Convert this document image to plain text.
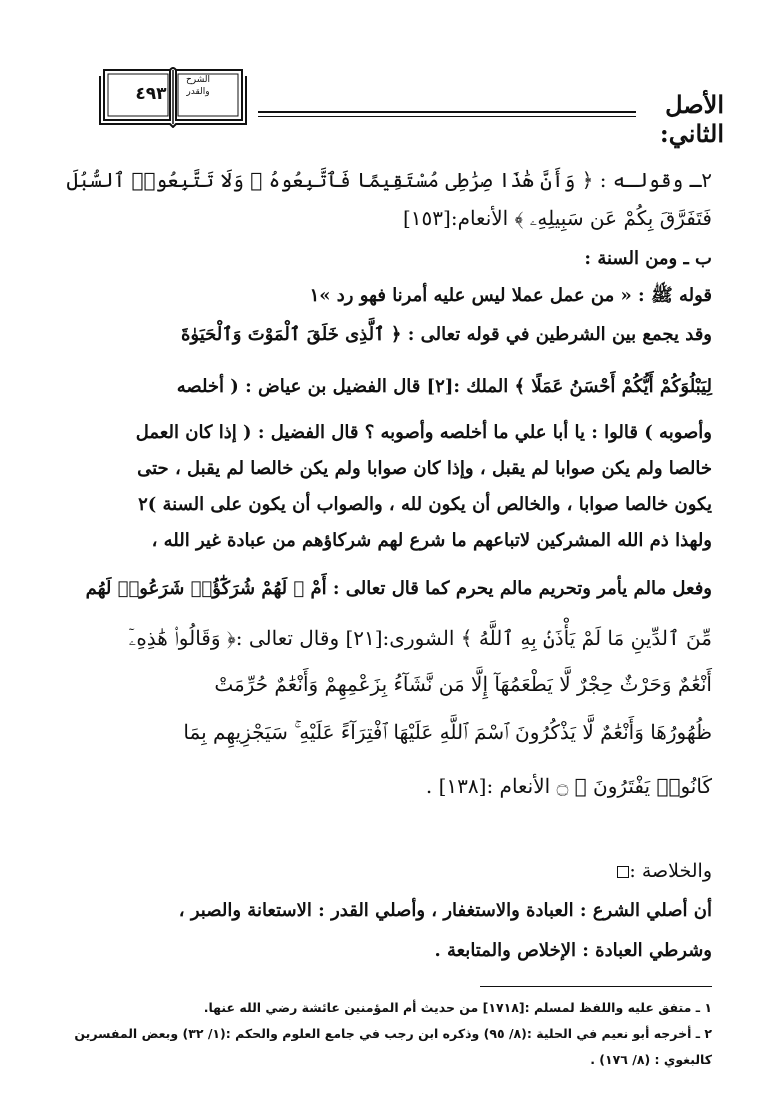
٤٩٣
الشرح
والقدر	الأصل الثاني:
٢ـ وقولـه : ﴿ وَأَنَّ هَٰذَا صِرَٰطِى مُسْتَقِيمًا فَٱتَّبِعُوهُ ۖ وَلَا تَتَّبِعُوا۟ ٱلسُّبُلَ
فَتَفَرَّقَ بِكُمْ عَن سَبِيلِهِۦ ﴾ الأنعام:[١٥٣]
ب ـ ومن السنة :
قوله ﷺ : « من عمل عملا ليس عليه أمرنا فهو رد »١
وقد يجمع بين الشرطين في قوله تعالى : ﴿ ٱلَّذِى خَلَقَ ٱلْمَوْتَ وَٱلْحَيَوٰةَ
لِيَبْلُوَكُمْ أَيُّكُمْ أَحْسَنُ عَمَلًا ﴾ الملك :[٢] قال الفضيل بن عياض : ( أخلصه
وأصوبه ) قالوا : يا أبا علي ما أخلصه وأصوبه ؟ قال الفضيل : ( إذا كان العمل
خالصا ولم يكن صوابا لم يقبل ، وإذا كان صوابا ولم يكن خالصا لم يقبل ، حتى
يكون خالصا صوابا ، والخالص أن يكون لله ، والصواب أن يكون على السنة )٢
ولهذا ذم الله المشركين لاتباعهم ما شرع لهم شركاؤهم من عبادة غير الله ،
وفعل مالم يأمر وتحريم مالم يحرم كما قال تعالى : أَمْ ﴿ لَهُمْ شُرَكَٰٓؤُا۟ شَرَعُوا۟ لَهُم
مِّنَ ٱلدِّينِ مَا لَمْ يَأْذَنۢ بِهِ ٱللَّهُ ﴾ الشورى:[٢١] وقال تعالى :﴿ وَقَالُوا۟ هَٰذِهِۦٓ
أَنْعَٰمٌ وَحَرْثٌ حِجْرٌ لَّا يَطْعَمُهَآ إِلَّا مَن نَّشَآءُ بِزَعْمِهِمْ وَأَنْعَٰمٌ حُرِّمَتْ
ظُهُورُهَا وَأَنْعَٰمٌ لَّا يَذْكُرُونَ ٱسْمَ ٱللَّهِ عَلَيْهَا ٱفْتِرَآءً عَلَيْهِ ۚ سَيَجْزِيهِم بِمَا
كَانُوا۟ يَفْتَرُونَ ﴾ ۝ الأنعام :[١٣٨] .
والخلاصة :
أن أصلي الشرع : العبادة والاستغفار ، وأصلي القدر : الاستعانة والصبر ،
وشرطي العبادة : الإخلاص والمتابعة .
١ ـ متفق عليه واللفظ لمسلم :[١٧١٨] من حديث أم المؤمنين عائشة رضي الله عنها.
٢ ـ أخرجه أبو نعيم في الحلية :(٨/ ٩٥) وذكره ابن رجب في جامع العلوم والحكم :(١/ ٣٢) وبعض المفسرين
كالبغوي : (٨/ ١٧٦) .
